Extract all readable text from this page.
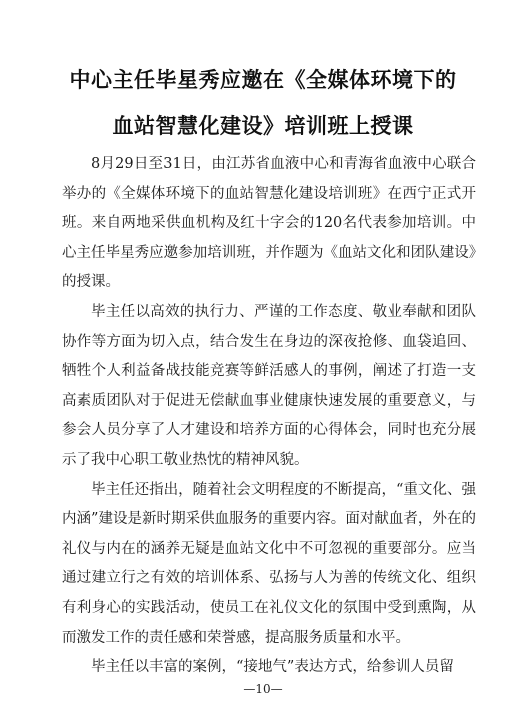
中心主任毕星秀应邀在《全媒体环境下的
血站智慧化建设》培训班上授课

8月29日至31日，由江苏省血液中心和青海省血液中心联合举办的《全媒体环境下的血站智慧化建设培训班》在西宁正式开班。来自两地采供血机构及红十字会的120名代表参加培训。中心主任毕星秀应邀参加培训班，并作题为《血站文化和团队建设》的授课。

毕主任以高效的执行力、严谨的工作态度、敬业奉献和团队协作等方面为切入点，结合发生在身边的深夜抢修、血袋追回、牺牲个人利益备战技能竞赛等鲜活感人的事例，阐述了打造一支高素质团队对于促进无偿献血事业健康快速发展的重要意义，与参会人员分享了人才建设和培养方面的心得体会，同时也充分展示了我中心职工敬业热忱的精神风貌。

毕主任还指出，随着社会文明程度的不断提高，“重文化、强内涵”建设是新时期采供血服务的重要内容。面对献血者，外在的礼仪与内在的涵养无疑是血站文化中不可忽视的重要部分。应当通过建立行之有效的培训体系、弘扬与人为善的传统文化、组织有利身心的实践活动，使员工在礼仪文化的氛围中受到熏陶，从而激发工作的责任感和荣誉感，提高服务质量和水平。

毕主任以丰富的案例，“接地气”表达方式，给参训人员留

—10—
